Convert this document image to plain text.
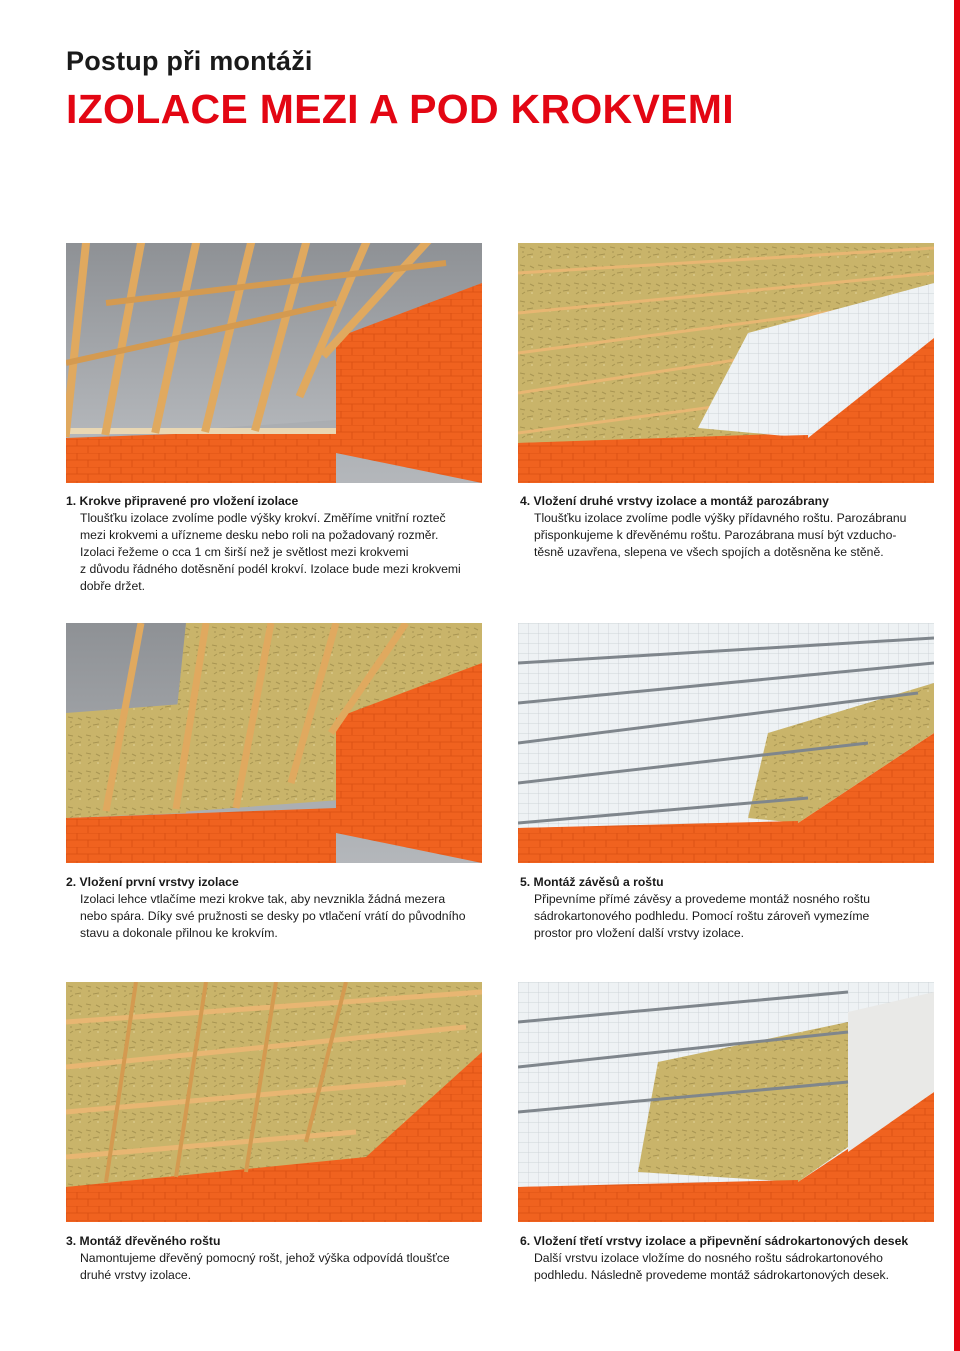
Postup při montáži
IZOLACE MEZI A POD KROKVEMI
1. Krokve připravené pro vložení izolace
Tloušťku izolace zvolíme podle výšky krokví. Změříme vnitřní rozteč
mezi krokvemi a uřízneme desku nebo roli na požadovaný rozměr.
Izolaci řežeme o cca 1 cm širší než je světlost mezi krokvemi
z důvodu řádného dotěsnění podél krokví. Izolace bude mezi krokvemi
dobře držet.
4. Vložení druhé vrstvy izolace a montáž parozábrany
Tloušťku izolace zvolíme podle výšky přídavného roštu. Parozábranu
přisponkujeme k dřevěnému roštu. Parozábrana musí být vzducho-
těsně uzavřena, slepena ve všech spojích a dotěsněna ke stěně.
2. Vložení první vrstvy izolace
Izolaci lehce vtlačíme mezi krokve tak, aby nevznikla žádná mezera
nebo spára. Díky své pružnosti se desky po vtlačení vrátí do původního
stavu a dokonale přilnou ke krokvím.
5. Montáž závěsů a roštu
Připevníme přímé závěsy a provedeme montáž nosného roštu
sádrokartonového podhledu. Pomocí roštu zároveň vymezíme
prostor pro vložení další vrstvy izolace.
3. Montáž dřevěného roštu
Namontujeme dřevěný pomocný rošt, jehož výška odpovídá tloušťce
druhé vrstvy izolace.
6. Vložení třetí vrstvy izolace a připevnění sádrokartonových desek
Další vrstvu izolace vložíme do nosného roštu sádrokartonového
podhledu. Následně provedeme montáž sádrokartonových desek.
